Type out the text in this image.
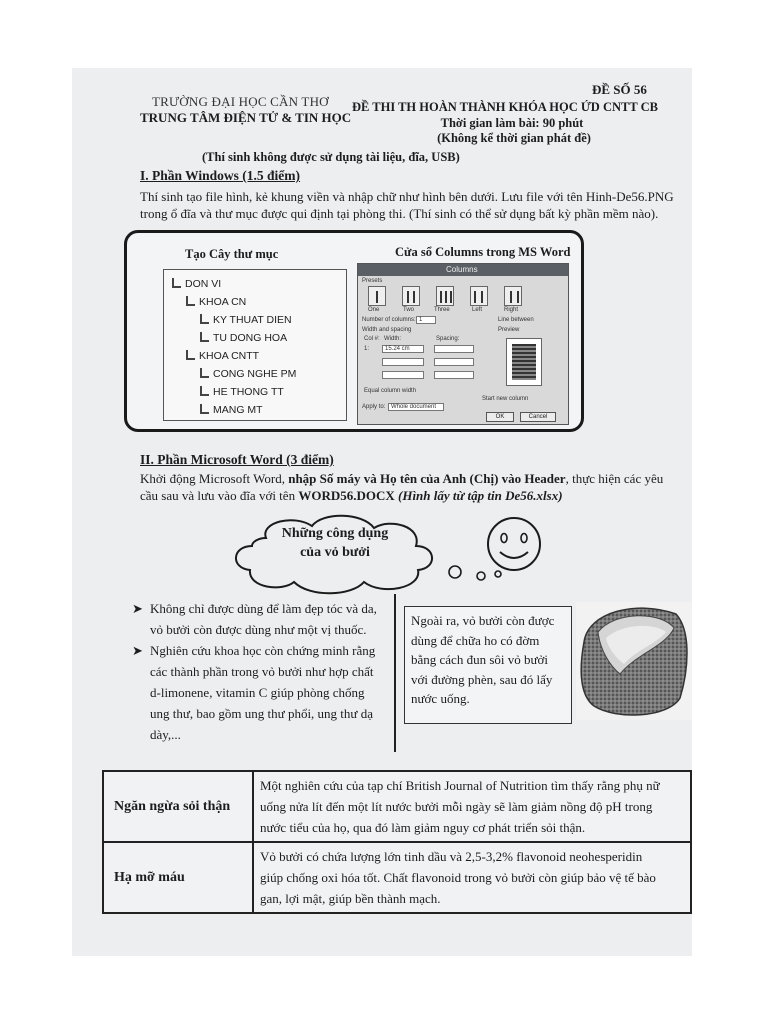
TRƯỜNG ĐẠI HỌC CẦN THƠ
TRUNG TÂM ĐIỆN TỬ & TIN HỌC
ĐỀ SỐ 56
ĐỀ THI TH HOÀN THÀNH KHÓA HỌC ỨD CNTT CB
Thời gian làm bài: 90 phút
(Không kể thời gian phát đề)
(Thí sinh không được sử dụng tài liệu, đĩa, USB)
I. Phần Windows (1.5 điểm)
Thí sinh tạo file hình, kẻ khung viền và nhập chữ như hình bên dưới. Lưu file với tên Hinh-De56.PNG
trong ổ đĩa và thư mục được qui định tại phòng thi. (Thí sinh có thể sử dụng bất kỳ phần mềm nào).
Tạo Cây thư mục	Cửa sổ Columns trong MS Word
DON VI
KHOA CN
KY THUAT DIEN
TU DONG HOA
KHOA CNTT
CONG NGHE PM
HE THONG TT
MANG MT
Columns
Presets
One	Two	Three	Left	Right
Number of columns: 1	Line between
Width and spacing	Preview
Col #: Width:	Spacing:
1:	15.24 cm
Equal column width
Apply to: Whole document
Start new column
OK	Cancel
II. Phần Microsoft Word (3 điểm)
Khởi động Microsoft Word, nhập Số máy và Họ tên của Anh (Chị) vào Header, thực hiện các yêu
cầu sau và lưu vào đĩa với tên WORD56.DOCX (Hình lấy từ tập tin De56.xlsx)
Những công dụng
của vỏ bưởi
➤ Không chỉ được dùng để làm đẹp tóc và da,
vỏ bưởi còn được dùng như một vị thuốc.
➤ Nghiên cứu khoa học còn chứng minh rằng
các thành phần trong vỏ bưởi như hợp chất
d-limonene, vitamin C giúp phòng chống
ung thư, bao gồm ung thư phổi, ung thư dạ
dày,...
Ngoài ra, vỏ bưởi còn được
dùng để chữa ho có đờm
bằng cách đun sôi vỏ bưởi
với đường phèn, sau đó lấy
nước uống.
Ngăn ngừa sỏi thận	Một nghiên cứu của tạp chí British Journal of Nutrition tìm thấy rằng phụ nữ
uống nửa lít đến một lít nước bưởi mỗi ngày sẽ làm giảm nồng độ pH trong
nước tiểu của họ, qua đó làm giảm nguy cơ phát triển sỏi thận.

Hạ mỡ máu	Vỏ bưởi có chứa lượng lớn tinh dầu và 2,5-3,2% flavonoid neohesperidin
giúp chống oxi hóa tốt. Chất flavonoid trong vỏ bưởi còn giúp bảo vệ tế bào
gan, lợi mật, giúp bền thành mạch.
